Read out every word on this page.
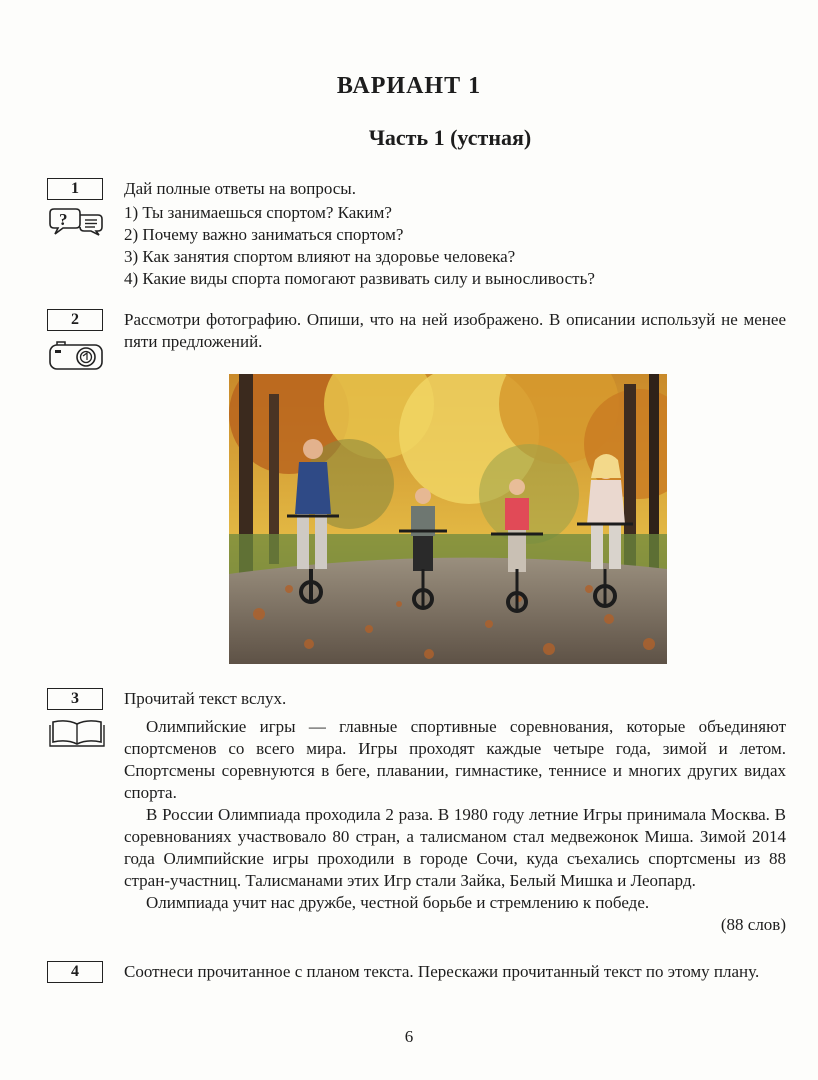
ВАРИАНТ 1
Часть 1 (устная)
1
?

Дай полные ответы на вопросы.

1) Ты занимаешься спортом? Каким?

2) Почему важно заниматься спортом?

3) Как занятия спортом влияют на здоровье человека?

4) Какие виды спорта помогают развивать силу и выносливость?

2	Рассмотри фотографию. Опиши, что на ней изображено. В описании используй не менее пяти предложений.
3	Прочитай текст вслух.

Олимпийские игры — главные спортивные соревнования, которые объединяют спортсменов со всего мира. Игры проходят каждые четыре года, зимой и летом. Спортсмены соревнуются в беге, плавании, гимнастике, теннисе и многих других видах спорта.

В России Олимпиада проходила 2 раза. В 1980 году летние Игры принимала Москва. В соревнованиях участвовало 80 стран, а талисманом стал медвежонок Миша. Зимой 2014 года Олимпийские игры проходили в городе Сочи, куда съехались спортсмены из 88 стран-участниц. Талисманами этих Игр стали Зайка, Белый Мишка и Леопард.

Олимпиада учит нас дружбе, честной борьбе и стремлению к победе.

(88 слов)

4	Соотнеси прочитанное с планом текста. Перескажи прочитанный текст по этому плану.
6
